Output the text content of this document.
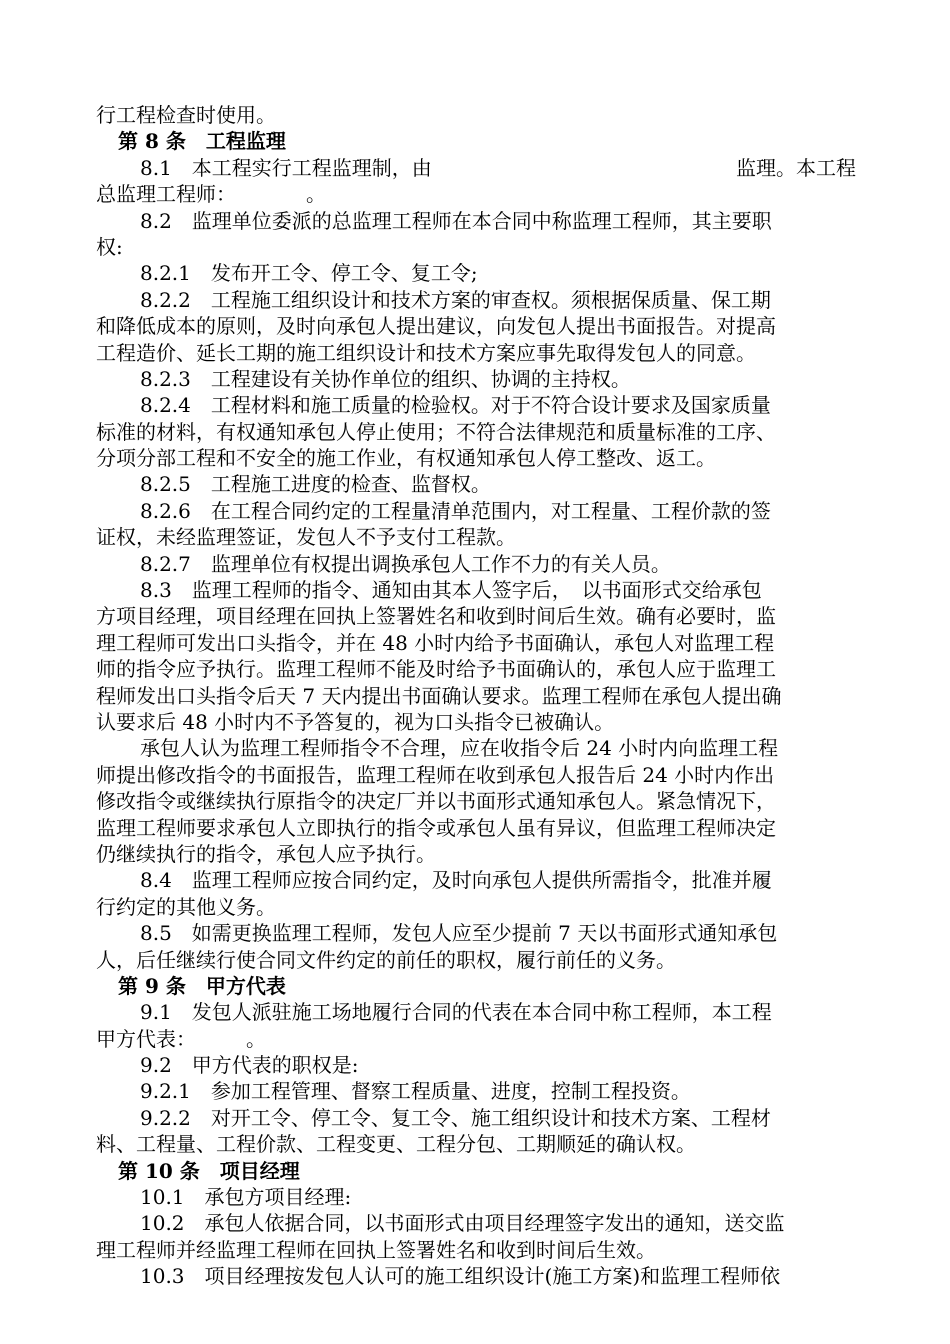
行工程检查时使用。
第 8 条　工程监理
8.1　本工程实行工程监理制，由	监理。本工程
总监理工程师：　　　　。
8.2　监理单位委派的总监理工程师在本合同中称监理工程师，其主要职
权:
8.2.1　发布开工令、停工令、复工令;
8.2.2　工程施工组织设计和技术方案的审查权。须根据保质量、保工期
和降低成本的原则，及时向承包人提出建议，向发包人提出书面报告。对提高
工程造价、延长工期的施工组织设计和技术方案应事先取得发包人的同意。
8.2.3　工程建设有关协作单位的组织、协调的主持权。
8.2.4　工程材料和施工质量的检验权。对于不符合设计要求及国家质量
标准的材料，有权通知承包人停止使用；不符合法律规范和质量标准的工序、
分项分部工程和不安全的施工作业，有权通知承包人停工整改、返工。
8.2.5　工程施工进度的检查、监督权。
8.2.6　在工程合同约定的工程量清单范围内，对工程量、工程价款的签
证权，未经监理签证，发包人不予支付工程款。
8.2.7　监理单位有权提出调换承包人工作不力的有关人员。
8.3　监理工程师的指令、通知由其本人签字后，　以书面形式交给承包
方项目经理，项目经理在回执上签署姓名和收到时间后生效。确有必要时，监
理工程师可发出口头指令，并在 48 小时内给予书面确认，承包人对监理工程
师的指令应予执行。监理工程师不能及时给予书面确认的，承包人应于监理工
程师发出口头指令后天 7 天内提出书面确认要求。监理工程师在承包人提出确
认要求后 48 小时内不予答复的，视为口头指令已被确认。
承包人认为监理工程师指令不合理，应在收指令后 24 小时内向监理工程
师提出修改指令的书面报告，监理工程师在收到承包人报告后 24 小时内作出
修改指令或继续执行原指令的决定厂并以书面形式通知承包人。紧急情况下，
监理工程师要求承包人立即执行的指令或承包人虽有异议，但监理工程师决定
仍继续执行的指令，承包人应予执行。
8.4　监理工程师应按合同约定，及时向承包人提供所需指令，批准并履
行约定的其他义务。
8.5　如需更换监理工程师，发包人应至少提前 7 天以书面形式通知承包
人，后任继续行使合同文件约定的前任的职权，履行前任的义务。
第 9 条　甲方代表
9.1　发包人派驻施工场地履行合同的代表在本合同中称工程师，本工程
甲方代表：　　　。
9.2　甲方代表的职权是:
9.2.1　参加工程管理、督察工程质量、进度，控制工程投资。
9.2.2　对开工令、停工令、复工令、施工组织设计和技术方案、工程材
料、工程量、工程价款、工程变更、工程分包、工期顺延的确认权。
第 10 条　项目经理
10.1　承包方项目经理:
10.2　承包人依据合同，以书面形式由项目经理签字发出的通知，送交监
理工程师并经监理工程师在回执上签署姓名和收到时间后生效。
10.3　项目经理按发包人认可的施工组织设计(施工方案)和监理工程师依
